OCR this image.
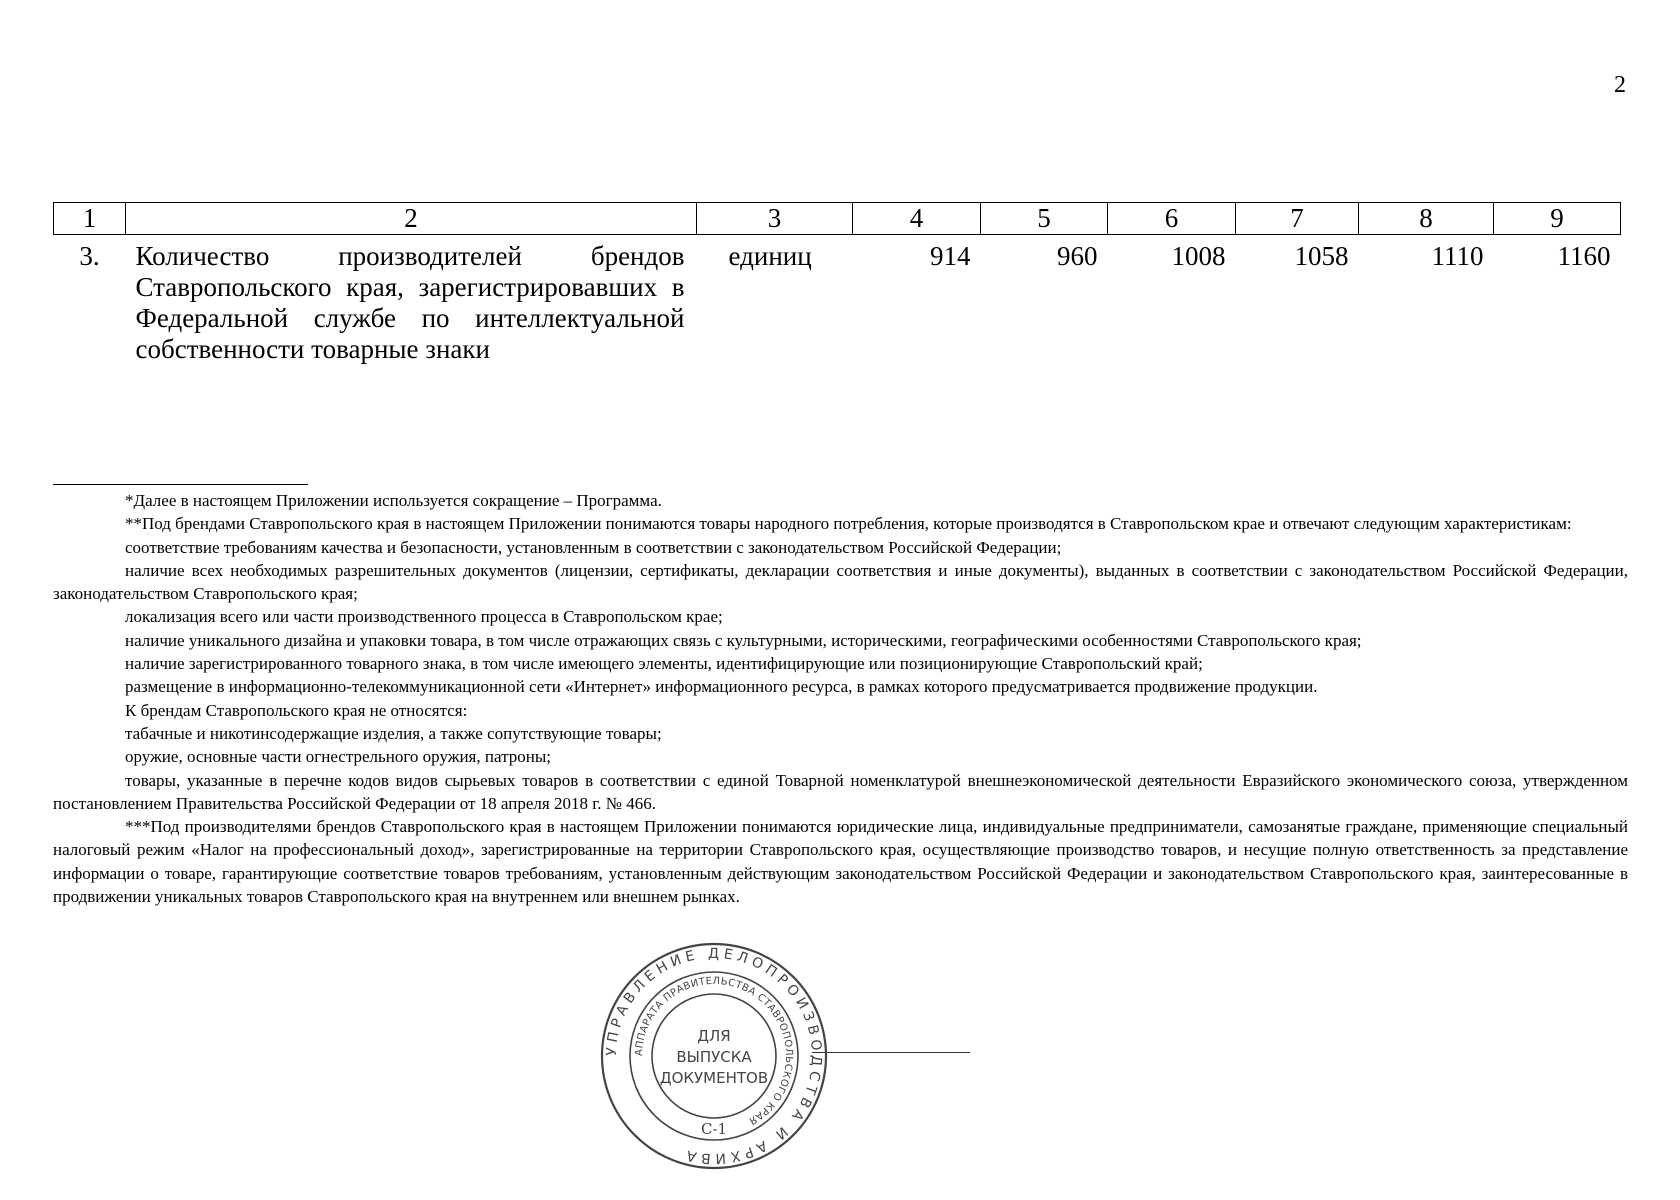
2
1	2	3	4	5	6	7	8	9
3.	Количество производителей брендов Ставропольского края, зарегистрировавших в Федеральной службе по интеллектуальной собственности товарные знаки	единиц	914	960	1008	1058	1110	1160

*Далее в настоящем Приложении используется сокращение – Программа.

**Под брендами Ставропольского края в настоящем Приложении понимаются товары народного потребления, которые производятся в Ставропольском крае и отвечают следующим характеристикам:

соответствие требованиям качества и безопасности, установленным в соответствии с законодательством Российской Федерации;

наличие всех необходимых разрешительных документов (лицензии, сертификаты, декларации соответствия и иные документы), выданных в соответствии с законодательством Российской Федерации, законодательством Ставропольского края;

локализация всего или части производственного процесса в Ставропольском крае;

наличие уникального дизайна и упаковки товара, в том числе отражающих связь с культурными, историческими, географическими особенностями Ставропольского края;

наличие зарегистрированного товарного знака, в том числе имеющего элементы, идентифицирующие или позиционирующие Ставропольский край;

размещение в информационно-телекоммуникационной сети «Интернет» информационного ресурса, в рамках которого предусматривается продвижение продукции.

К брендам Ставропольского края не относятся:

табачные и никотинсодержащие изделия, а также сопутствующие товары;

оружие, основные части огнестрельного оружия, патроны;

товары, указанные в перечне кодов видов сырьевых товаров в соответствии с единой Товарной номенклатурой внешнеэкономической деятельности Евразийского экономического союза, утвержденном постановлением Правительства Российской Федерации от 18 апреля 2018 г. № 466.

***Под производителями брендов Ставропольского края в настоящем Приложении понимаются юридические лица, индивидуальные предприниматели, самозанятые граждане, применяющие специальный налоговый режим «Налог на профессиональный доход», зарегистрированные на территории Ставропольского края, осуществляющие производство товаров, и несущие полную ответственность за представление информации о товаре, гарантирующие соответствие товаров требованиям, установленным действующим законодательством Российской Федерации и законодательством Ставропольского края, заинтересованные в продвижении уникальных товаров Ставропольского края на внутреннем или внешнем рынках.

УПРАВЛЕНИЕ ДЕЛОПРОИЗВОДСТВА И АРХИВА
АППАРАТА ПРАВИТЕЛЬСТВА СТАВРОПОЛЬСКОГО КРАЯ
ДЛЯ
ВЫПУСКА
ДОКУМЕНТОВ
С-1
